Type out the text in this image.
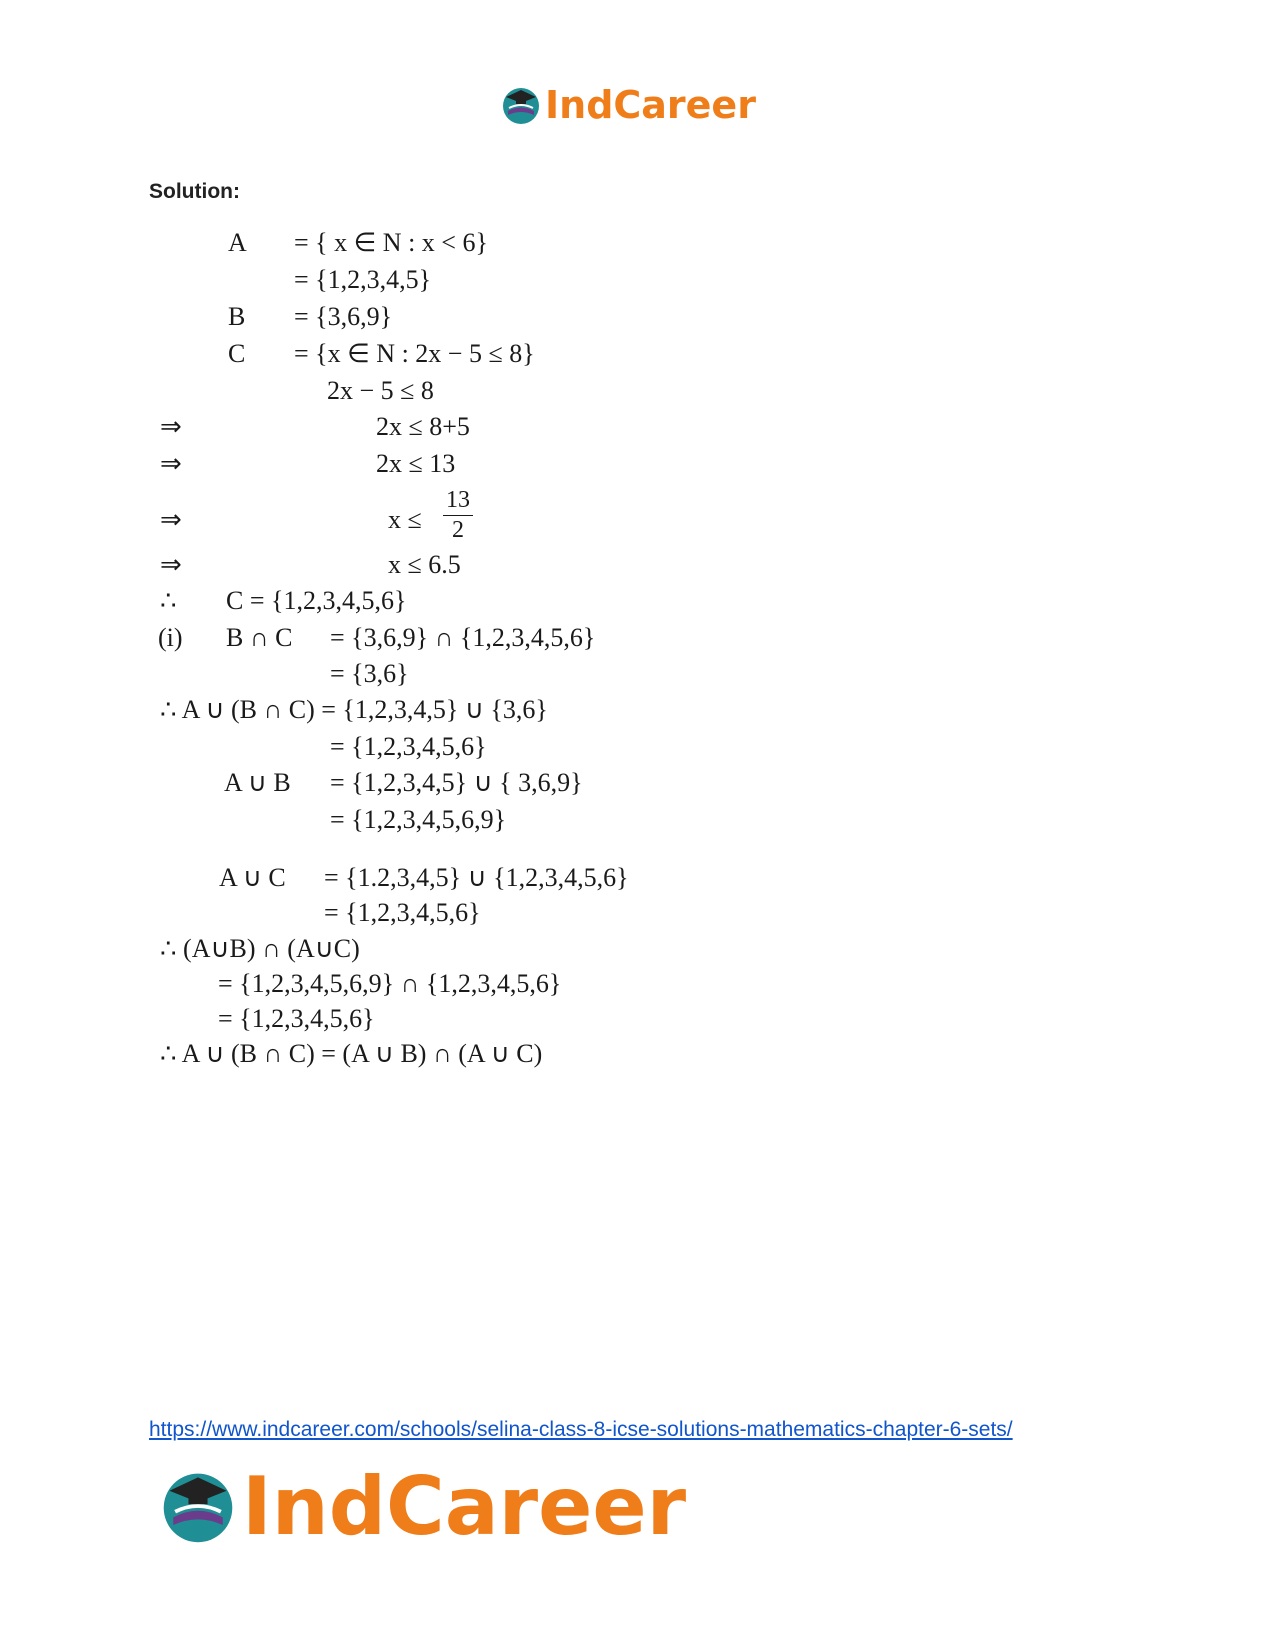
IndCareer
Solution:
A = { x ∈ N : x < 6}
= {1,2,3,4,5}
B = {3,6,9}
C = {x ∈ N : 2x − 5 ≤ 8}
2x − 5 ≤ 8
⇒	2x ≤ 8+5
⇒	2x ≤ 13
⇒	$x \le \frac{13}{2}$
⇒	x ≤ 6.5
∴ C = {1,2,3,4,5,6}
(i) B ∩ C = {3,6,9} ∩ {1,2,3,4,5,6}
= {3,6}
∴ A ∪ (B ∩ C) = {1,2,3,4,5} ∪ {3,6}
= {1,2,3,4,5,6}
A ∪ B = {1,2,3,4,5} ∪ { 3,6,9}
= {1,2,3,4,5,6,9}
A ∪ C = {1.2,3,4,5} ∪ {1,2,3,4,5,6}
= {1,2,3,4,5,6}
∴ (A∪B) ∩ (A∪C)
= {1,2,3,4,5,6,9} ∩ {1,2,3,4,5,6}
= {1,2,3,4,5,6}
∴ A ∪ (B ∩ C) = (A ∪ B) ∩ (A ∪ C)
https://www.indcareer.com/schools/selina-class-8-icse-solutions-mathematics-chapter-6-sets/
IndCareer
